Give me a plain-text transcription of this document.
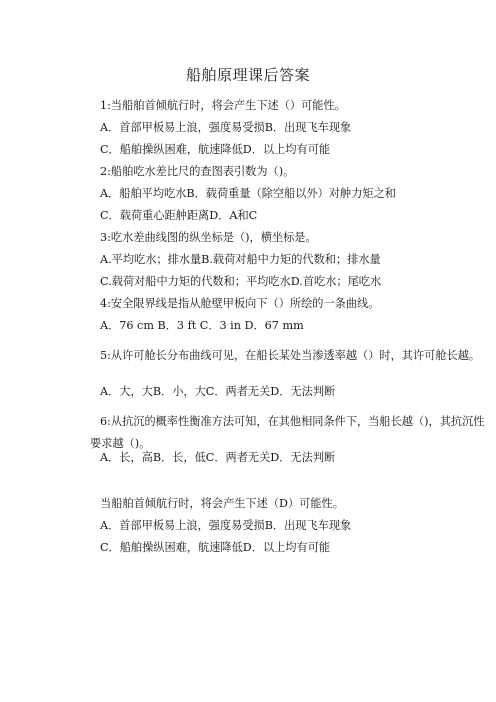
船舶原理课后答案
1:当船舶首倾航行时，将会产生下述（）可能性。
A．首部甲板易上浪，强度易受损B．出现飞车现象
C．船舶操纵困难，航速降低D．以上均有可能
2:船舶吃水差比尺的查图表引数为（)。
A．船舶平均吃水B．载荷重量（除空船以外）对舯力矩之和
C．载荷重心距舯距离D．A和C
3:吃水差曲线图的纵坐标是（)，横坐标是。
A.平均吃水；排水量B.载荷对船中力矩的代数和；排水量
C.载荷对船中力矩的代数和；平均吃水D.首吃水；尾吃水
4:安全限界线是指从舱壁甲板向下（）所绘的一条曲线。
A．76 cm B．3 ft C．3 in D．67 mm
5:从许可舱长分布曲线可见，在船长某处当渗透率越（）时，其许可舱长越。
A．大，大B．小，大C．两者无关D．无法判断
6:从抗沉的概率性衡准方法可知，在其他相同条件下，当船长越（)，其抗沉性要求越（)。
A．长，高B．长，低C．两者无关D．无法判断
当船舶首倾航行时，将会产生下述（D）可能性。
A．首部甲板易上浪，强度易受损B．出现飞车现象
C．船舶操纵困难，航速降低D．以上均有可能
